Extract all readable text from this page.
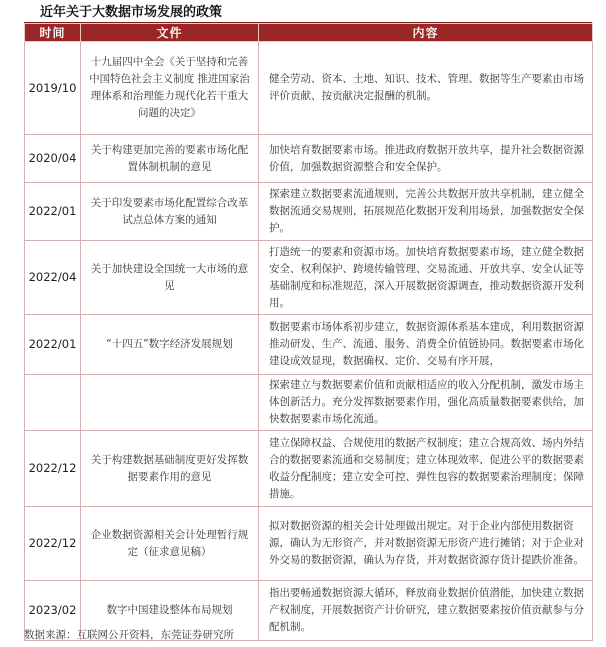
近年关于大数据市场发展的政策
时间	文件	内容
2019/10	十九届四中全会《关于坚持和完善中国特色社会主义制度 推进国家治理体系和治理能力现代化若干重大问题的决定》	健全劳动、资本、土地、知识、技术、管理、数据等生产要素由市场评价贡献、按贡献决定报酬的机制。
2020/04	关于构建更加完善的要素市场化配置体制机制的意见	加快培育数据要素市场。推进政府数据开放共享，提升社会数据资源价值，加强数据资源整合和安全保护。
2022/01	关于印发要素市场化配置综合改革试点总体方案的通知	探索建立数据要素流通规则，完善公共数据开放共享机制，建立健全数据流通交易规则，拓展规范化数据开发利用场景，加强数据安全保护。
2022/04	关于加快建设全国统一大市场的意见	打造统一的要素和资源市场。加快培育数据要素市场，建立健全数据安全、权利保护、跨境传输管理、交易流通、开放共享、安全认证等基础制度和标准规范，深入开展数据资源调查，推动数据资源开发利用。
2022/01	“十四五”数字经济发展规划	数据要素市场体系初步建立，数据资源体系基本建成，利用数据资源推动研发、生产、流通、服务、消费全价值链协同。数据要素市场化建设成效显现，数据确权、定价、交易有序开展，
		探索建立与数据要素价值和贡献相适应的收入分配机制，激发市场主体创新活力。充分发挥数据要素作用，强化高质量数据要素供给，加快数据要素市场化流通。
2022/12	关于构建数据基础制度更好发挥数据要素作用的意见	建立保障权益、合规使用的数据产权制度；建立合规高效、场内外结合的数据要素流通和交易制度；建立体现效率、促进公平的数据要素收益分配制度；建立安全可控、弹性包容的数据要素治理制度；保障措施。
2022/12	企业数据资源相关会计处理暂行规定（征求意见稿）	拟对数据资源的相关会计处理做出规定。对于企业内部使用数据资源，确认为无形资产，并对数据资源无形资产进行摊销；对于企业对外交易的数据资源，确认为存货，并对数据资源存货计提跌价准备。
2023/02	数字中国建设整体布局规划	指出要畅通数据资源大循环，释放商业数据价值潜能，加快建立数据产权制度，开展数据资产计价研究，建立数据要素按价值贡献参与分配机制。
数据来源：互联网公开资料，东莞证券研究所
